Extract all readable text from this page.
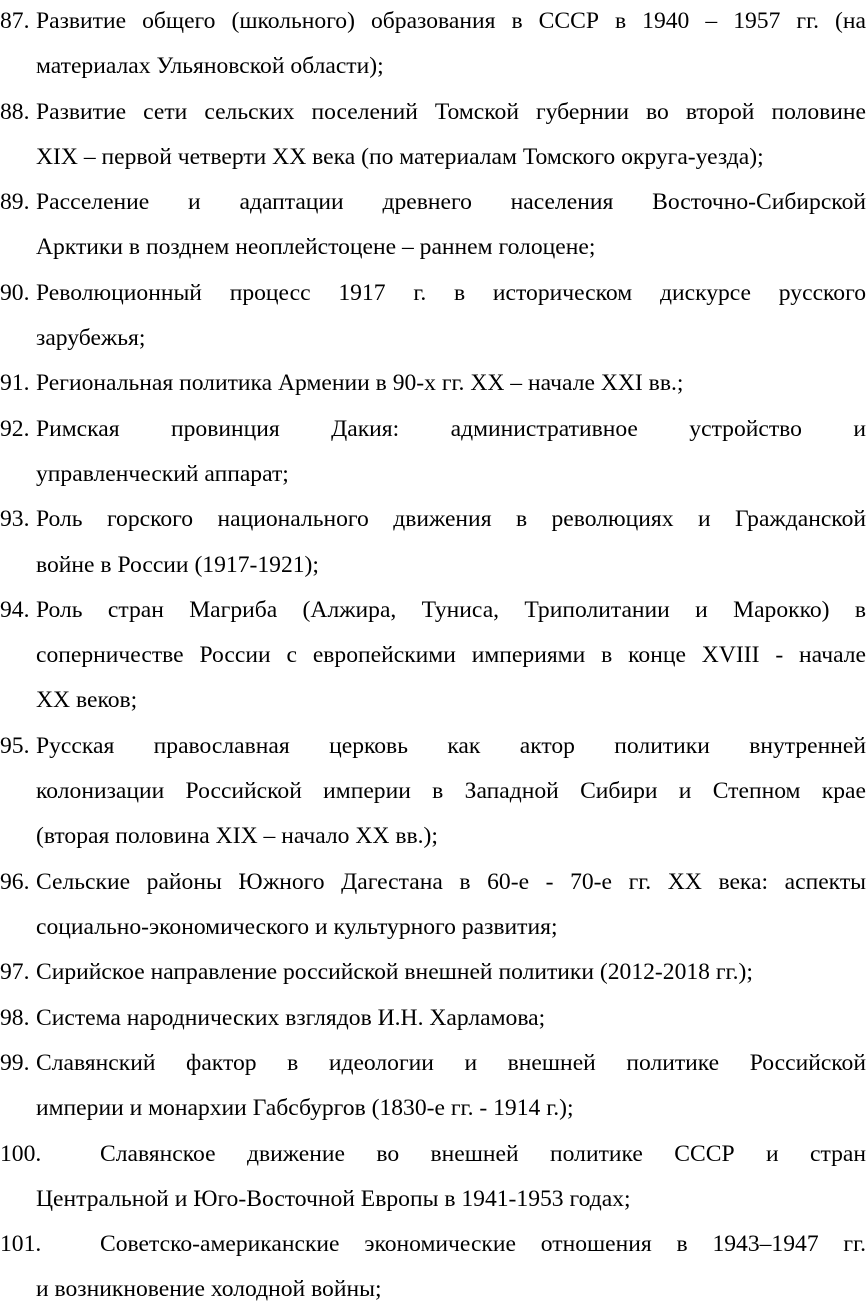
87. Развитие общего (школьного) образования в СССР в 1940 – 1957 гг. (на
материалах Ульяновской области);
88. Развитие сети сельских поселений Томской губернии во второй половине
XIX – первой четверти XX века (по материалам Томского округа-уезда);
89. Расселение и адаптации древнего населения Восточно-Сибирской
Арктики в позднем неоплейстоцене – раннем голоцене;
90. Революционный процесс 1917 г. в историческом дискурсе русского
зарубежья;
91. Региональная политика Армении в 90-х гг. XX – начале XXI вв.;
92. Римская провинция Дакия: административное устройство и
управленческий аппарат;
93. Роль горского национального движения в революциях и Гражданской
войне в России (1917-1921);
94. Роль стран Магриба (Алжира, Туниса, Триполитании и Марокко) в
соперничестве России с европейскими империями в конце XVIII - начале
XX веков;
95. Русская православная церковь как актор политики внутренней
колонизации Российской империи в Западной Сибири и Степном крае
(вторая половина XIX – начало XX вв.);
96. Сельские районы Южного Дагестана в 60-е - 70-е гг. XX века: аспекты
социально-экономического и культурного развития;
97. Сирийское направление российской внешней политики (2012-2018 гг.);
98. Система народнических взглядов И.Н. Харламова;
99. Славянский фактор в идеологии и внешней политике Российской
империи и монархии Габсбургов (1830-е гг. - 1914 г.);
100.	Славянское движение во внешней политике СССР и стран
Центральной и Юго-Восточной Европы в 1941-1953 годах;
101.	Советско-американские экономические отношения в 1943–1947 гг.
и возникновение холодной войны;
